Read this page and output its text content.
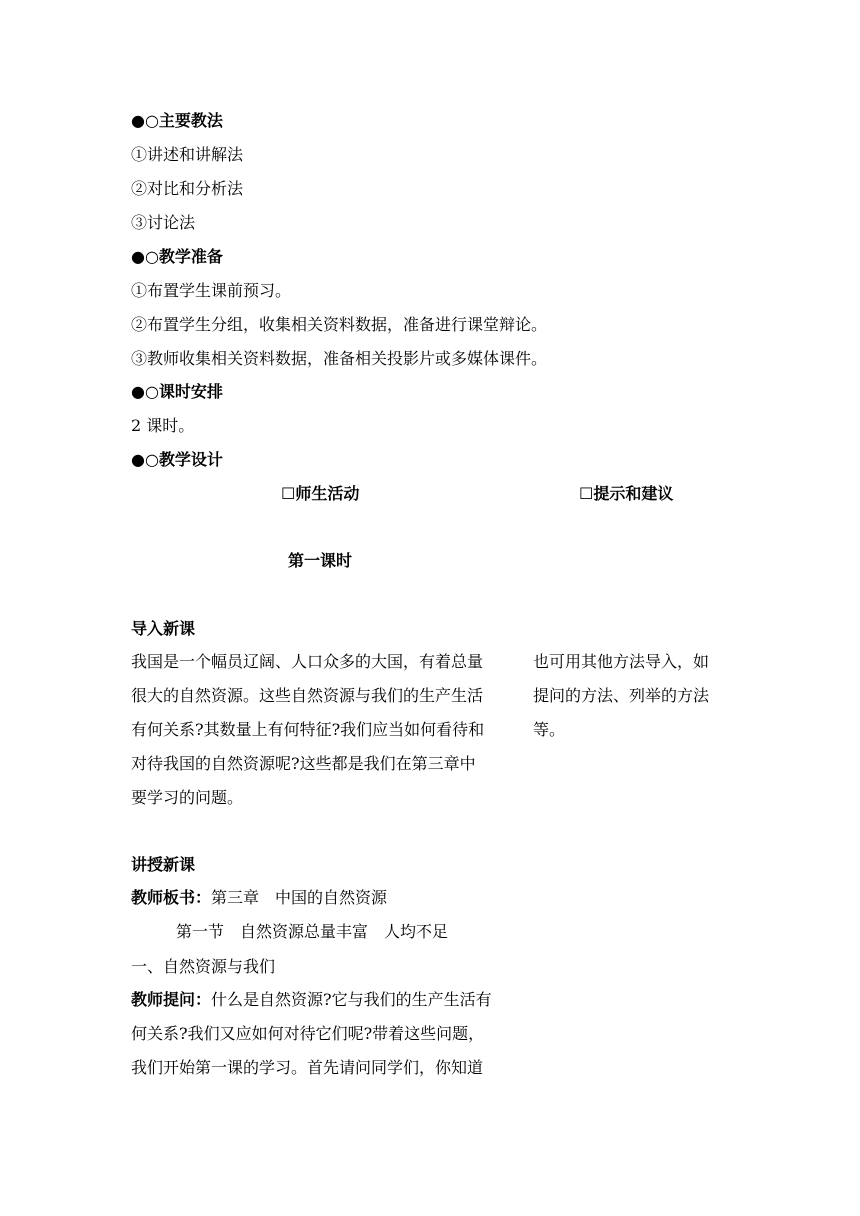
●○主要教法
①讲述和讲解法
②对比和分析法
③讨论法
●○教学准备
①布置学生课前预习。
②布置学生分组，收集相关资料数据，准备进行课堂辩论。
③教师收集相关资料数据，准备相关投影片或多媒体课件。
●○课时安排
2 课时。
●○教学设计
☐师生活动	☐提示和建议
第一课时
导入新课
我国是一个幅员辽阔、人口众多的大国，有着总量
很大的自然资源。这些自然资源与我们的生产生活
有何关系?其数量上有何特征?我们应当如何看待和
对待我国的自然资源呢?这些都是我们在第三章中
要学习的问题。
也可用其他方法导入，如
提问的方法、列举的方法
等。
讲授新课
教师板书：第三章　中国的自然资源
第一节　自然资源总量丰富　人均不足
一、自然资源与我们
教师提问：什么是自然资源?它与我们的生产生活有
何关系?我们又应如何对待它们呢?带着这些问题，
我们开始第一课的学习。首先请问同学们，你知道
